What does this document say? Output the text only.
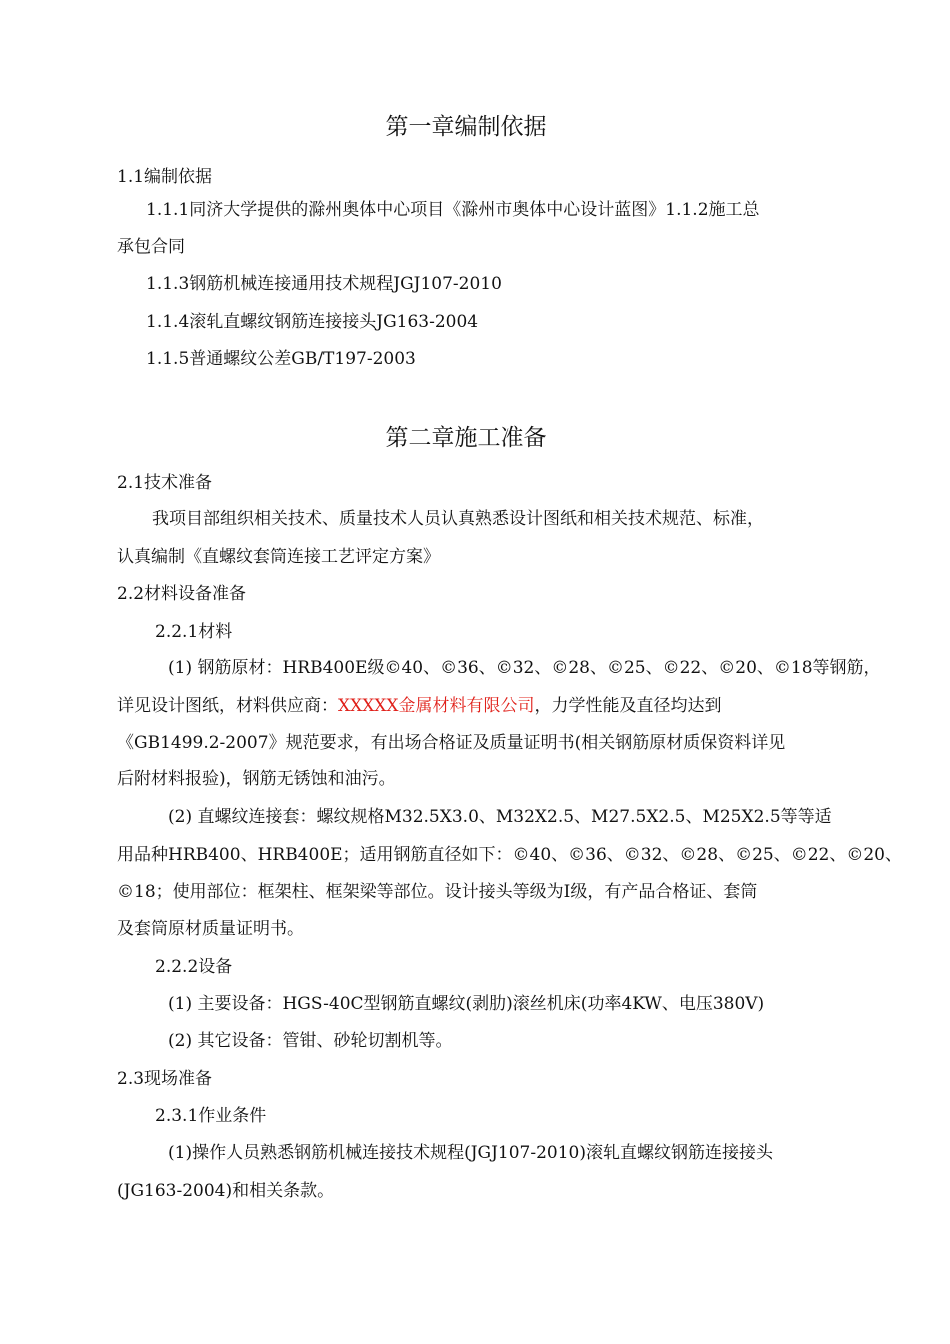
第一章编制依据
1.1编制依据
1.1.1同济大学提供的滁州奥体中心项目《滁州市奥体中心设计蓝图》1.1.2施工总
承包合同
1.1.3钢筋机械连接通用技术规程JGJ107-2010
1.1.4滚轧直螺纹钢筋连接接头JG163-2004
1.1.5普通螺纹公差GB/T197-2003
第二章施工准备
2.1技术准备
我项目部组织相关技术、质量技术人员认真熟悉设计图纸和相关技术规范、标准，
认真编制《直螺纹套筒连接工艺评定方案》
2.2材料设备准备
2.2.1材料
(1) 钢筋原材：HRB400E级©40、©36、©32、©28、©25、©22、©20、©18等钢筋，
详见设计图纸，材料供应商：XXXXX金属材料有限公司，力学性能及直径均达到
《GB1499.2-2007》规范要求，有出场合格证及质量证明书(相关钢筋原材质保资料详见
后附材料报验)，钢筋无锈蚀和油污。
(2) 直螺纹连接套：螺纹规格M32.5X3.0、M32X2.5、M27.5X2.5、M25X2.5等等适
用品种HRB400、HRB400E；适用钢筋直径如下：©40、©36、©32、©28、©25、©22、©20、
©18；使用部位：框架柱、框架梁等部位。设计接头等级为Ⅰ级，有产品合格证、套筒
及套筒原材质量证明书。
2.2.2设备
(1) 主要设备：HGS-40C型钢筋直螺纹(剥肋)滚丝机床(功率4KW、电压380V)
(2) 其它设备：管钳、砂轮切割机等。
2.3现场准备
2.3.1作业条件
(1)操作人员熟悉钢筋机械连接技术规程(JGJ107-2010)滚轧直螺纹钢筋连接接头
(JG163-2004)和相关条款。
